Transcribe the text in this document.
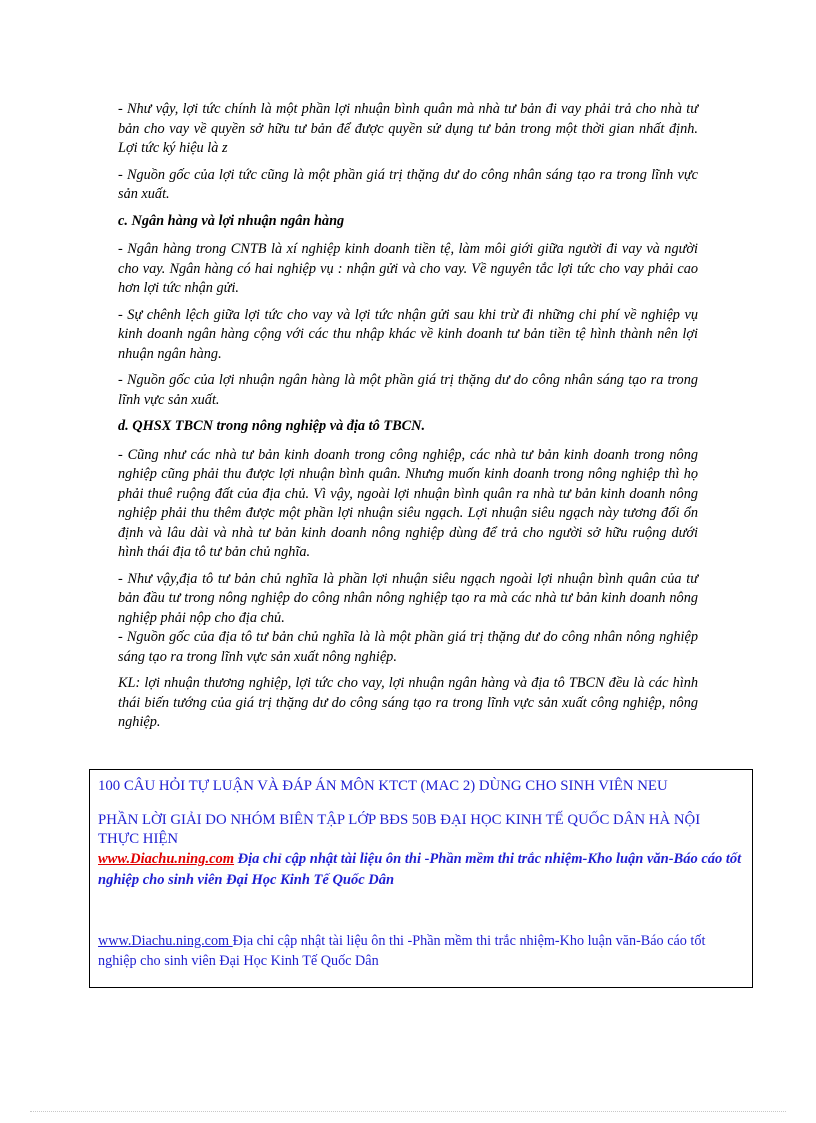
- Như vậy, lợi tức chính là một phần lợi nhuận bình quân mà nhà tư bản đi vay phải trả cho nhà tư bản cho vay về quyền sở hữu tư bản để được quyền sử dụng tư bản trong một thời gian nhất định. Lợi tức ký hiệu là z

- Nguồn gốc của lợi tức cũng là một phần giá trị thặng dư do công nhân sáng tạo ra trong lĩnh vực sản xuất.

c. Ngân hàng và lợi nhuận ngân hàng

- Ngân hàng trong CNTB là xí nghiệp kinh doanh tiền tệ, làm môi giới giữa người đi vay và người cho vay. Ngân hàng có hai nghiệp vụ : nhận gửi và cho vay. Về nguyên tắc lợi tức cho vay phải cao hơn lợi tức nhận gửi.

- Sự chênh lệch giữa lợi tức cho vay và lợi tức nhận gửi sau khi trừ đi những chi phí về nghiệp vụ kinh doanh ngân hàng cộng với các thu nhập khác về kinh doanh tư bản tiền tệ hình thành nên lợi nhuận ngân hàng.

- Nguồn gốc của lợi nhuận ngân hàng là một phần giá trị thặng dư do công nhân sáng tạo ra trong lĩnh vực sản xuất.

d. QHSX TBCN trong nông nghiệp và địa tô TBCN.

- Cũng như các nhà tư bản kinh doanh trong công nghiệp, các nhà tư bản kinh doanh trong nông nghiệp cũng phải thu được lợi nhuận bình quân. Nhưng muốn kinh doanh trong nông nghiệp thì họ phải thuê ruộng đất của địa chủ. Vì vậy, ngoài lợi nhuận bình quân ra nhà tư bản kinh doanh nông nghiệp phải thu thêm được một phần lợi nhuận siêu ngạch. Lợi nhuận siêu ngạch này tương đối ổn định và lâu dài và nhà tư bản kinh doanh nông nghiệp dùng để trả cho người sở hữu ruộng dưới hình thái địa tô tư bản chủ nghĩa.

- Như vậy,địa tô tư bản chủ nghĩa là phần lợi nhuận siêu ngạch ngoài lợi nhuận bình quân của tư bản đầu tư trong nông nghiệp do công nhân nông nghiệp tạo ra mà các nhà tư bản kinh doanh nông nghiệp phải nộp cho địa chủ.

- Nguồn gốc của địa tô tư bản chủ nghĩa là là một phần giá trị thặng dư do công nhân nông nghiệp sáng tạo ra trong lĩnh vực sản xuất nông nghiệp.

KL: lợi nhuận thương nghiệp, lợi tức cho vay, lợi nhuận ngân hàng và địa tô TBCN đều là các hình thái biến tướng của giá trị thặng dư do công sáng tạo ra trong lĩnh vực sản xuất công nghiệp, nông nghiệp.

100 CÂU HỎI TỰ LUẬN VÀ ĐÁP ÁN MÔN KTCT (MAC 2) DÙNG CHO SINH VIÊN NEU
PHẦN LỜI GIẢI DO NHÓM BIÊN TẬP LỚP BĐS 50B ĐẠI HỌC KINH TẾ QUỐC DÂN HÀ NỘI THỰC HIỆN
www.Diachu.ning.com Địa chỉ cập nhật tài liệu ôn thi -Phần mềm thi trắc nhiệm-Kho luận văn-Báo cáo tốt nghiệp cho sinh viên Đại Học Kinh Tế Quốc Dân
www.Diachu.ning.com Địa chỉ cập nhật tài liệu ôn thi -Phần mềm thi trắc nhiệm-Kho luận văn-Báo cáo tốt nghiệp cho sinh viên Đại Học Kinh Tế Quốc Dân
